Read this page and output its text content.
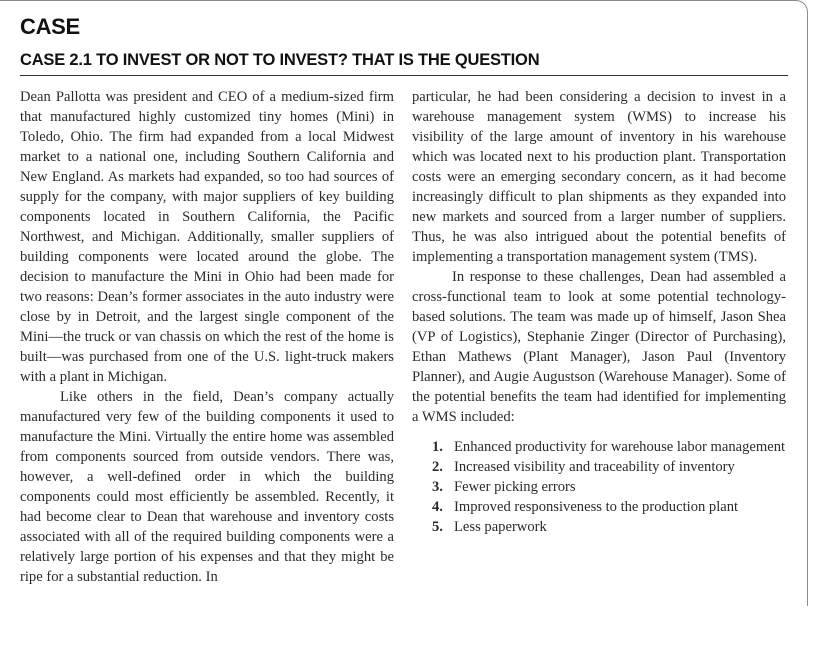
CASE
CASE 2.1 TO INVEST OR NOT TO INVEST? THAT IS THE QUESTION

Dean Pallotta was president and CEO of a medium-sized firm that manufactured highly customized tiny homes (Mini) in Toledo, Ohio. The firm had expanded from a local Midwest market to a national one, including Southern California and New England. As markets had expanded, so too had sources of supply for the company, with major suppliers of key building components located in Southern California, the Pacific Northwest, and Michigan. Additionally, smaller suppliers of building components were located around the globe. The decision to manufacture the Mini in Ohio had been made for two reasons: Dean’s former associates in the auto industry were close by in Detroit, and the largest single component of the Mini—the truck or van chassis on which the rest of the home is built—was purchased from one of the U.S. light-truck makers with a plant in Michigan.

Like others in the field, Dean’s company actually manufactured very few of the building components it used to manufacture the Mini. Virtually the entire home was assembled from components sourced from outside vendors. There was, however, a well-defined order in which the building components could most efficiently be assembled. Recently, it had become clear to Dean that warehouse and inventory costs associated with all of the required building components were a relatively large portion of his expenses and that they might be ripe for a substantial reduction. In

particular, he had been considering a decision to invest in a warehouse management system (WMS) to increase his visibility of the large amount of inventory in his warehouse which was located next to his production plant. Transportation costs were an emerging secondary concern, as it had become increasingly difficult to plan shipments as they expanded into new markets and sourced from a larger number of suppliers. Thus, he was also intrigued about the potential benefits of implementing a transportation management system (TMS).

In response to these challenges, Dean had assembled a cross-functional team to look at some potential technology-based solutions. The team was made up of himself, Jason Shea (VP of Logistics), Stephanie Zinger (Director of Purchasing), Ethan Mathews (Plant Manager), Jason Paul (Inventory Planner), and Augie Augustson (Warehouse Manager). Some of the potential benefits the team had identified for implementing a WMS included:

1. Enhanced productivity for warehouse labor management
2. Increased visibility and traceability of inventory
3. Fewer picking errors
4. Improved responsiveness to the production plant
5. Less paperwork
